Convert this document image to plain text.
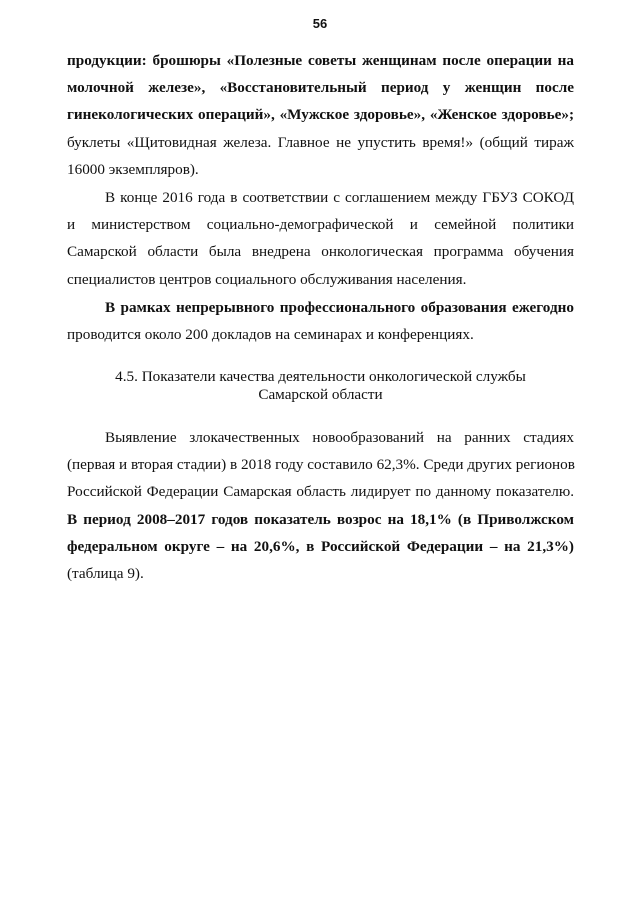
56
продукции: брошюры «Полезные советы женщинам после операции на
молочной железе», «Восстановительный период у женщин после
гинекологических операций», «Мужское здоровье», «Женское здоровье»;
буклеты «Щитовидная железа. Главное не упустить время!» (общий тираж
16000 экземпляров).
В конце 2016 года в соответствии с соглашением между ГБУЗ СОКОД
и министерством социально-демографической и семейной политики
Самарской области была внедрена онкологическая программа обучения
специалистов центров социального обслуживания населения.
В рамках непрерывного профессионального образования ежегодно
проводится около 200 докладов на семинарах и конференциях.
4.5. Показатели качества деятельности онкологической службы
Самарской области
Выявление злокачественных новообразований на ранних стадиях
(первая и вторая стадии) в 2018 году составило 62,3%. Среди других регионов
Российской Федерации Самарская область лидирует по данному показателю.
В период 2008–2017 годов показатель возрос на 18,1% (в Приволжском
федеральном округе – на 20,6%, в Российской Федерации – на 21,3%)
(таблица 9).
